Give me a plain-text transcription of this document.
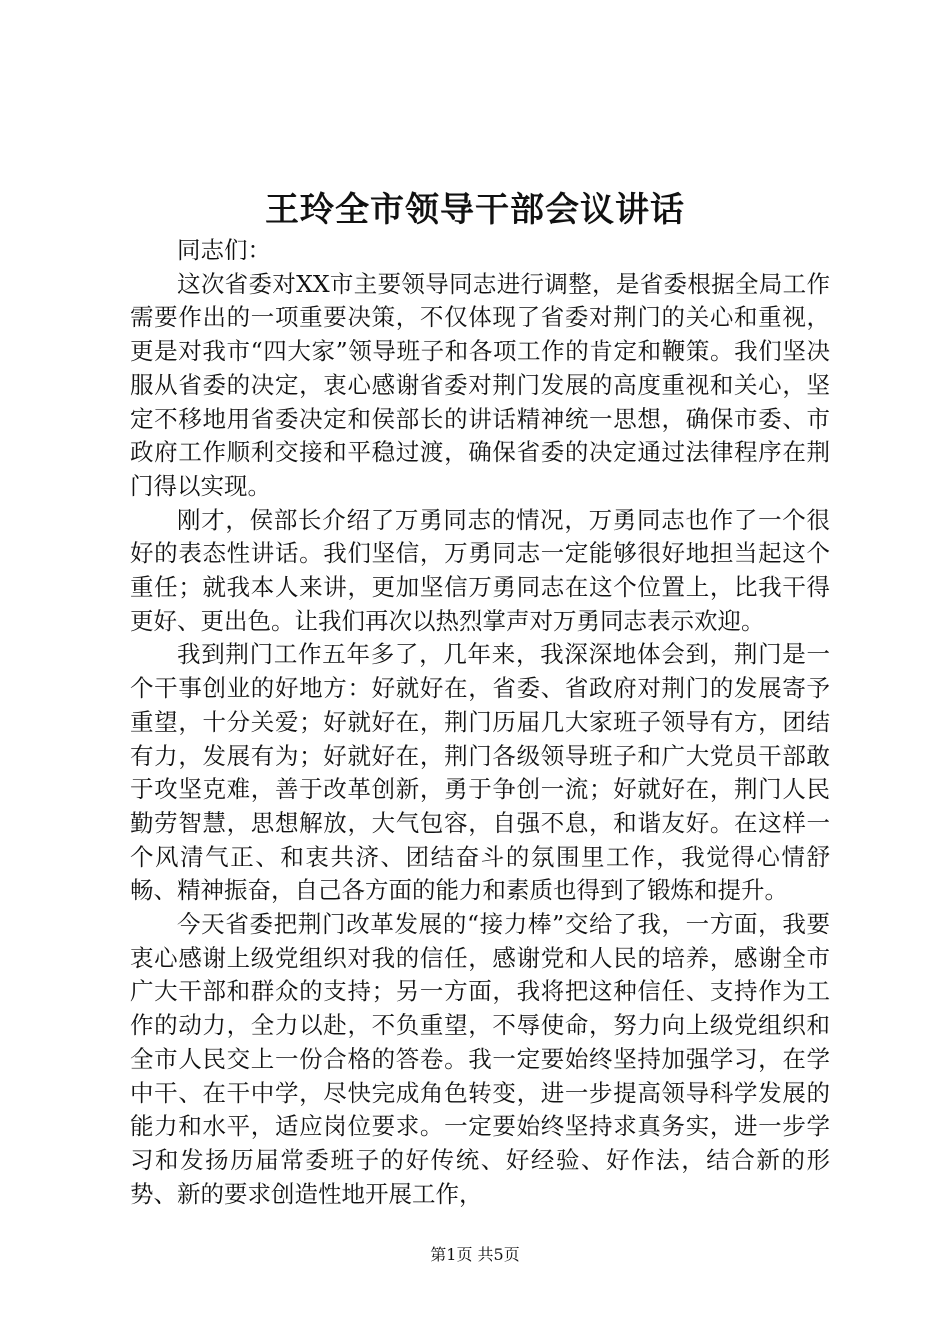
王玲全市领导干部会议讲话

同志们：

这次省委对XX市主要领导同志进行调整，是省委根据全局工作需要作出的一项重要决策，不仅体现了省委对荆门的关心和重视，更是对我市“四大家”领导班子和各项工作的肯定和鞭策。我们坚决服从省委的决定，衷心感谢省委对荆门发展的高度重视和关心，坚定不移地用省委决定和侯部长的讲话精神统一思想，确保市委、市政府工作顺利交接和平稳过渡，确保省委的决定通过法律程序在荆门得以实现。

刚才，侯部长介绍了万勇同志的情况，万勇同志也作了一个很好的表态性讲话。我们坚信，万勇同志一定能够很好地担当起这个重任；就我本人来讲，更加坚信万勇同志在这个位置上，比我干得更好、更出色。让我们再次以热烈掌声对万勇同志表示欢迎。

我到荆门工作五年多了，几年来，我深深地体会到，荆门是一个干事创业的好地方：好就好在，省委、省政府对荆门的发展寄予重望，十分关爱；好就好在，荆门历届几大家班子领导有方，团结有力，发展有为；好就好在，荆门各级领导班子和广大党员干部敢于攻坚克难，善于改革创新，勇于争创一流；好就好在，荆门人民勤劳智慧，思想解放，大气包容，自强不息，和谐友好。在这样一个风清气正、和衷共济、团结奋斗的氛围里工作，我觉得心情舒畅、精神振奋，自己各方面的能力和素质也得到了锻炼和提升。

今天省委把荆门改革发展的“接力棒”交给了我，一方面，我要衷心感谢上级党组织对我的信任，感谢党和人民的培养，感谢全市广大干部和群众的支持；另一方面，我将把这种信任、支持作为工作的动力，全力以赴，不负重望，不辱使命，努力向上级党组织和全市人民交上一份合格的答卷。我一定要始终坚持加强学习，在学中干、在干中学，尽快完成角色转变，进一步提高领导科学发展的能力和水平，适应岗位要求。一定要始终坚持求真务实，进一步学习和发扬历届常委班子的好传统、好经验、好作法，结合新的形势、新的要求创造性地开展工作，

第1页 共5页
